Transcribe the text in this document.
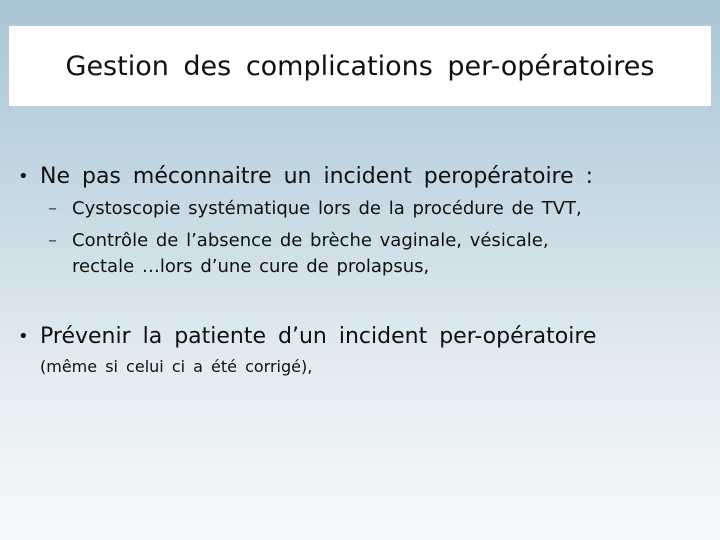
Gestion des complications per-opératoires
• Ne pas méconnaitre un incident peropératoire :
– Cystoscopie systématique lors de la procédure de TVT,
– Contrôle de l’absence de brèche vaginale, vésicale,
rectale …lors d’une cure de prolapsus,
• Prévenir la patiente d’un incident per-opératoire
(même si celui ci a été corrigé),
